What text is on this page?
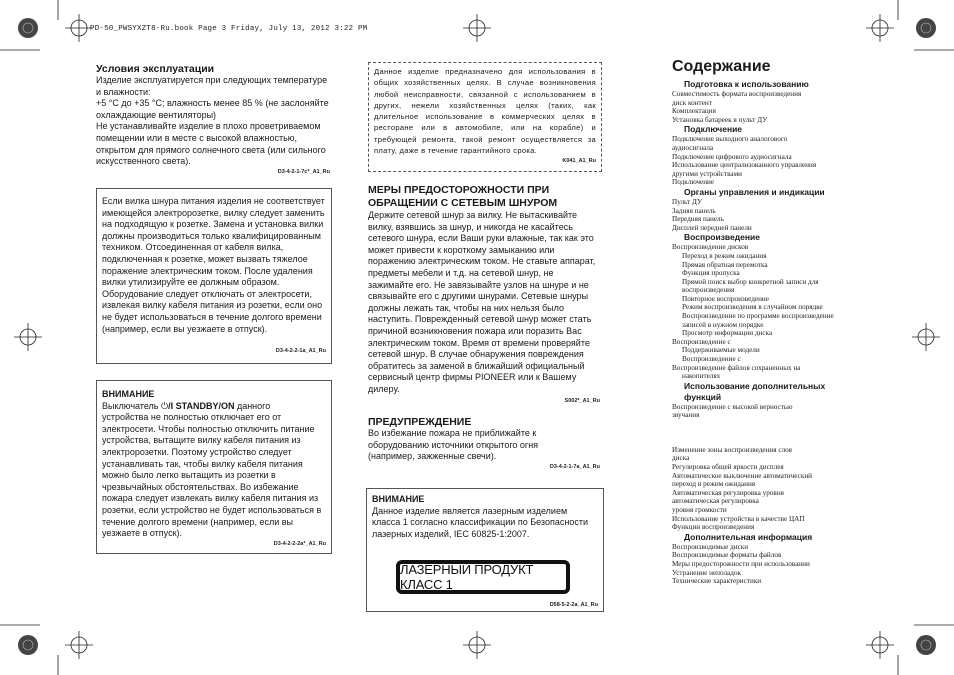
PD-50_PWSYXZT8-Ru.book Page 3 Friday, July 13, 2012 3:22 PM
Условия эксплуатации
Изделие эксплуатируется при следующих температуре и влажности:
+5 °C до +35 °C; влажность менее 85 % (не заслоняйте охлаждающие вентиляторы)
Не устанавливайте изделие в плохо проветриваемом помещении или в месте с высокой влажностью, открытом для прямого солнечного света (или сильного искусственного света).
D3-4-2-1-7c*_A1_Ru
Если вилка шнура питания изделия не соответствует имеющейся электророзетке, вилку следует заменить на подходящую к розетке. Замена и установка вилки должны производиться только квалифицированным техником. Отсоединенная от кабеля вилка, подключенная к розетке, может вызвать тяжелое поражение электрическим током. После удаления вилки утилизируйте ее должным образом.
Оборудование следует отключать от электросети, извлекая вилку кабеля питания из розетки, если оно не будет использоваться в течение долгого времени (например, если вы уезжаете в отпуск).
D3-4-2-2-1a_A1_Ru

ВНИМАНИЕ

Выключатель ⏻/I STANDBY/ON данного

устройства не полностью отключает его от электросети. Чтобы полностью отключить питание устройства, вытащите вилку кабеля питания из электророзетки. Поэтому устройство следует устанавливать так, чтобы вилку кабеля питания можно было легко вытащить из розетки в чрезвычайных обстоятельствах. Во избежание пожара следует извлекать вилку кабеля питания из розетки, если устройство не будет использоваться в течение долгого времени (например, если вы уезжаете в отпуск).

D3-4-2-2-2a*_A1_Ru
Данное изделие предназначено для использования в общих хозяйственных целях. В случае возникновения любой неисправности, связанной с использованием в других, нежели хозяйственных целях (таких, как длительное использование в коммерческих целях в ресторане или в автомобиле, или на корабле) и требующей ремонта, такой ремонт осуществляется за плату, даже в течение гарантийного срока.
K041_A1_Ru
МЕРЫ ПРЕДОСТОРОЖНОСТИ ПРИ ОБРАЩЕНИИ С СЕТЕВЫМ ШНУРОМ
Держите сетевой шнур за вилку. Не вытаскивайте вилку, взявшись за шнур, и никогда не касайтесь сетевого шнура, если Ваши руки влажные, так как это может привести к короткому замыканию или поражению электрическим током. Не ставьте аппарат, предметы мебели и т.д. на сетевой шнур, не зажимайте его. Не завязывайте узлов на шнуре и не связывайте его с другими шнурами. Сетевые шнуры должны лежать так, чтобы на них нельзя было наступить. Поврежденный сетевой шнур может стать причиной возникновения пожара или поразить Вас электрическим током. Время от времени проверяйте сетевой шнур. В случае обнаружения повреждения обратитесь за заменой в ближайший официальный сервисный центр фирмы PIONEER или к Вашему дилеру.
S002*_A1_Ru
ПРЕДУПРЕЖДЕНИЕ
Во избежание пожара не приближайте к оборудованию источники открытого огня (например, зажженные свечи).
D3-4-2-1-7a_A1_Ru

ВНИМАНИЕ

Данное изделие является лазерным изделием класса 1 согласно классификации по Безопасности лазерных изделий, IEC 60825-1:2007.

ЛАЗЕРНЫЙ ПРОДУКТ КЛАСС 1
D58-5-2-2a_A1_Ru
Содержание
Подготовка к использованию
Совместимость формата воспроизведения
диск контент
Комплектация
Установка батареек в пульт ДУ
Подключение
Подключение выходного аналогового
аудиосигнала
Подключение цифрового аудиосигнала
Использование централизованного управления
другими устройствами
Подключение
Органы управления и индикации
Пульт ДУ
Задняя панель
Передняя панель
Дисплей передней панели
Воспроизведение
Воспроизведение дисков
Переход в режим ожидания
Прямая обратная перемотка
Функция пропуска
Прямой поиск выбор конкретной записи для
воспроизведения
Повторное воспроизведение
Режим воспроизведения в случайном порядке
Воспроизведение по программе воспроизведение
записей в нужном порядке
Просмотр информации диска
Воспроизведение с
Поддерживаемые модели
Воспроизведение с
Воспроизведение файлов сохраненных на
накопителях
Использование дополнительных функций
Воспроизведение с высокой верностью
звучания
Изменение зоны воспроизведения слоя
диска
Регулировка общей яркости дисплея
Автоматическое выключение автоматический
переход в режим ожидания
Автоматическая регулировка уровня
автоматическая регулировка
уровня громкости
Использование устройства в качестве ЦАП
Функции воспроизведения
Дополнительная информация
Воспроизводимые диски
Воспроизводимые форматы файлов
Меры предосторожности при использовании
Устранение неполадок
Технические характеристики
